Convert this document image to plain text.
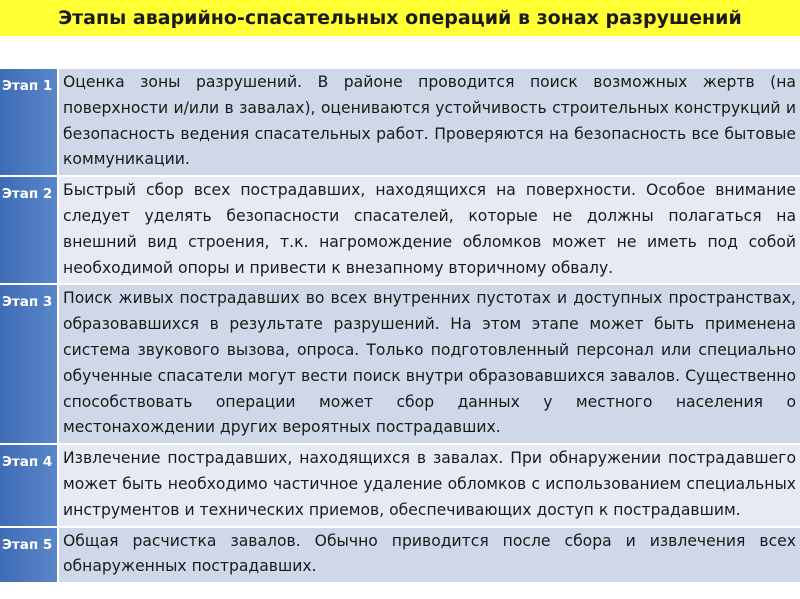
Этапы аварийно-спасательных операций в зонах разрушений
Этап 1	Оценка зоны разрушений. В районе проводится поиск возможных жертв (на поверхности и/или в завалах), оцениваются устойчивость строительных конструкций и безопасность ведения спасательных работ. Проверяются на безопасность все бытовые коммуникации.

Этап 2	Быстрый сбор всех пострадавших, находящихся на поверхности. Особое внимание следует уделять безопасности спасателей, которые не должны полагаться на внешний вид строения, т.к. нагромождение обломков может не иметь под собой необходимой опоры и привести к внезапному вторичному обвалу.

Этап 3	Поиск живых пострадавших во всех внутренних пустотах и доступных пространствах, образовавшихся в результате разрушений. На этом этапе может быть применена система звукового вызова, опроса. Только подготовленный персонал или специально обученные спасатели могут вести поиск внутри образовавшихся завалов. Существенно способствовать операции может сбор данных у местного населения о местонахождении других вероятных пострадавших.

Этап 4	Извлечение пострадавших, находящихся в завалах. При обнаружении пострадавшего может быть необходимо частичное удаление обломков с использованием специальных инструментов и технических приемов, обеспечивающих доступ к пострадавшим.

Этап 5	Общая расчистка завалов. Обычно приводится после сбора и извлечения всех обнаруженных пострадавших.
